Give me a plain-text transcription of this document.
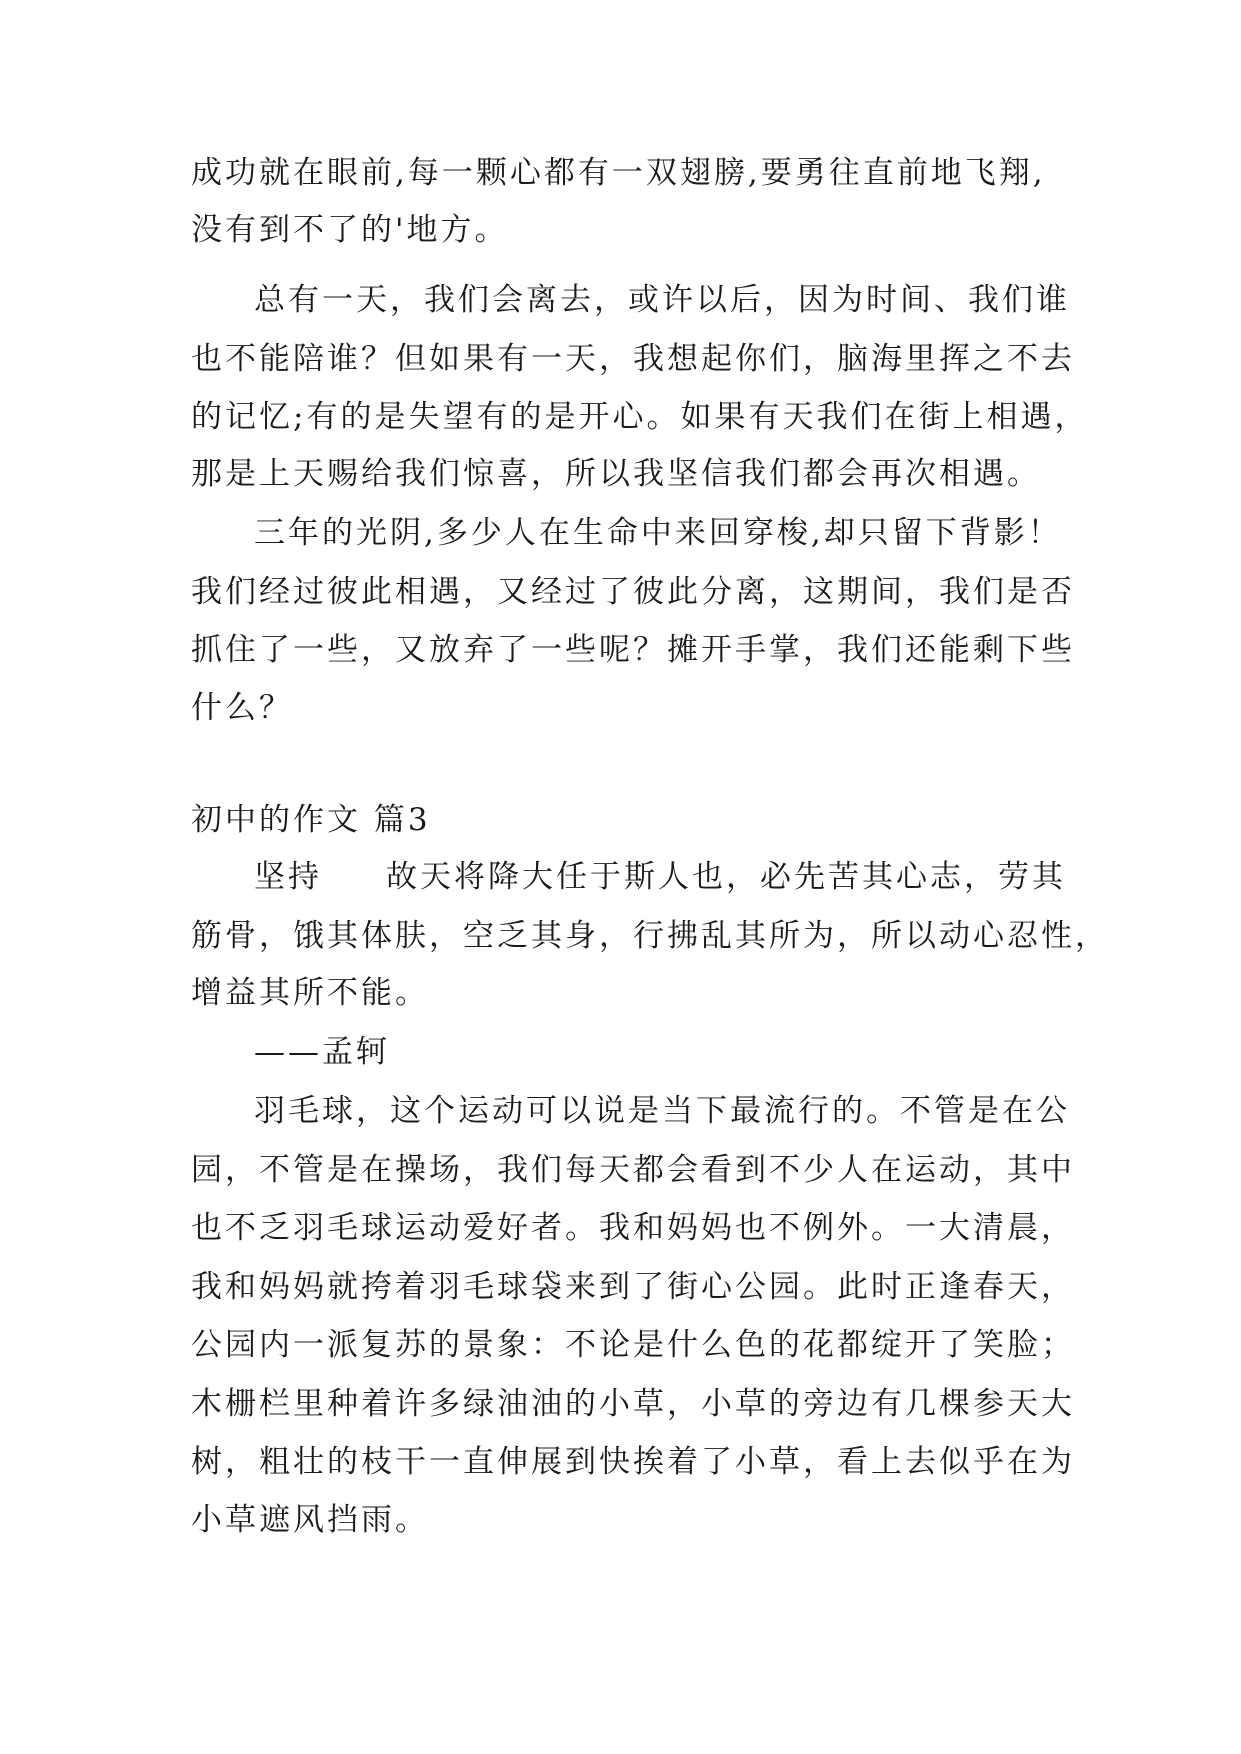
成功就在眼前,每一颗心都有一双翅膀,要勇往直前地飞翔,
没有到不了的'地方。
总有一天，我们会离去，或许以后，因为时间、我们谁
也不能陪谁？但如果有一天，我想起你们，脑海里挥之不去
的记忆;有的是失望有的是开心。如果有天我们在街上相遇，
那是上天赐给我们惊喜，所以我坚信我们都会再次相遇。
三年的光阴,多少人在生命中来回穿梭,却只留下背影！
我们经过彼此相遇，又经过了彼此分离，这期间，我们是否
抓住了一些，又放弃了一些呢？摊开手掌，我们还能剩下些
什么？
初中的作文 篇3
坚持 故天将降大任于斯人也，必先苦其心志，劳其
筋骨，饿其体肤，空乏其身，行拂乱其所为，所以动心忍性，
增益其所不能。
——孟轲
羽毛球，这个运动可以说是当下最流行的。不管是在公
园，不管是在操场，我们每天都会看到不少人在运动，其中
也不乏羽毛球运动爱好者。我和妈妈也不例外。一大清晨，
我和妈妈就挎着羽毛球袋来到了街心公园。此时正逢春天，
公园内一派复苏的景象：不论是什么色的花都绽开了笑脸；
木栅栏里种着许多绿油油的小草，小草的旁边有几棵参天大
树，粗壮的枝干一直伸展到快挨着了小草，看上去似乎在为
小草遮风挡雨。
